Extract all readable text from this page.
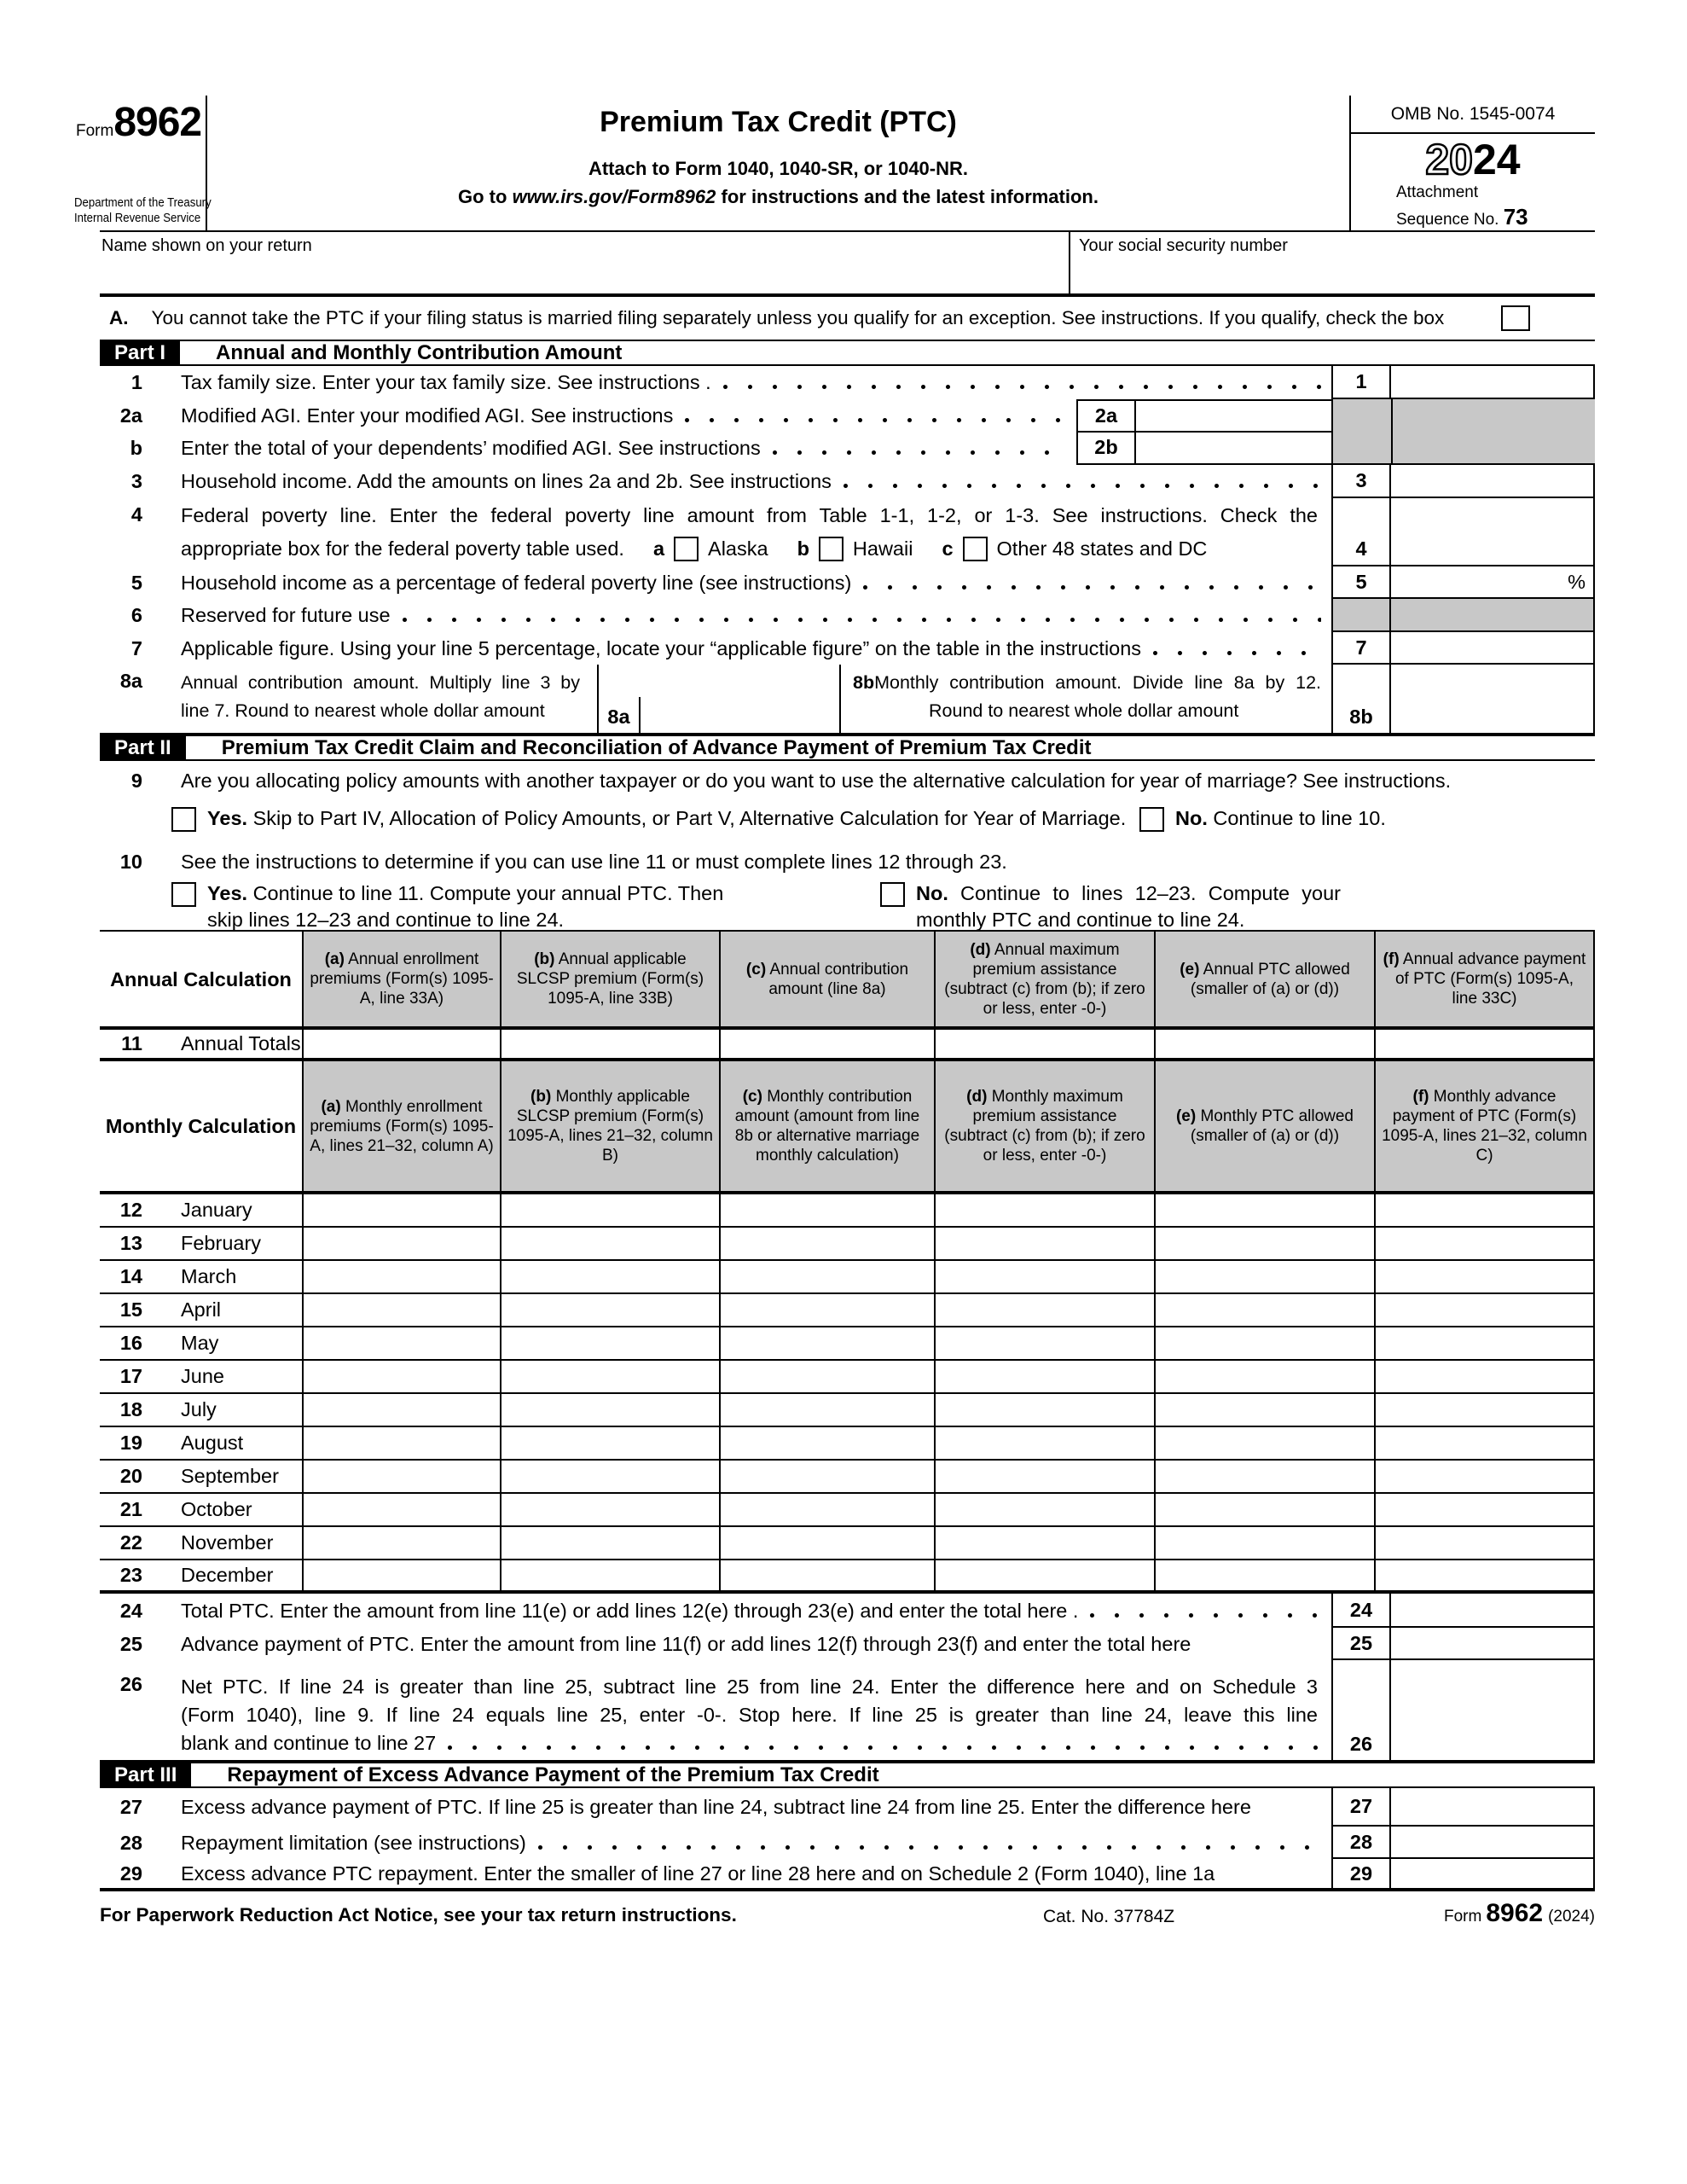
Form8962
Department of the Treasury
Internal Revenue Service
Premium Tax Credit (PTC)
Attach to Form 1040, 1040-SR, or 1040-NR.
Go to www.irs.gov/Form8962 for instructions and the latest information.
OMB No. 1545-0074
2024
Attachment
Sequence No. 73
Name shown on your return	Your social security number
A. You cannot take the PTC if your filing status is married filing separately unless you qualify for an exception. See instructions. If you qualify, check the box
Part I	Annual and Monthly Contribution Amount
1 Tax family size. Enter your tax family size. See instructions .	1
2a Modified AGI. Enter your modified AGI. See instructions	2a
b Enter the total of your dependents’ modified AGI. See instructions	2b
3 Household income. Add the amounts on lines 2a and 2b. See instructions	3
4 Federal poverty line. Enter the federal poverty line amount from Table 1-1, 1-2, or 1-3. See instructions. Check the
appropriate box for the federal poverty table used. a Alaska b Hawaii c Other 48 states and DC	4
5 Household income as a percentage of federal poverty line (see instructions)	5	%
6 Reserved for future use
7 Applicable figure. Using your line 5 percentage, locate your “applicable figure” on the table in the instructions	7
8a Annual contribution amount. Multiply line 3 by line 7. Round to nearest whole dollar amount	8a
8bMonthly contribution amount. Divide line 8a by 12. Round to nearest whole dollar amount	8b
Part II	Premium Tax Credit Claim and Reconciliation of Advance Payment of Premium Tax Credit
9 Are you allocating policy amounts with another taxpayer or do you want to use the alternative calculation for year of marriage? See instructions.
Yes. Skip to Part IV, Allocation of Policy Amounts, or Part V, Alternative Calculation for Year of Marriage. No. Continue to line 10.
10 See the instructions to determine if you can use line 11 or must complete lines 12 through 23.
Yes. Continue to line 11. Compute your annual PTC. Then skip lines 12–23 and continue to line 24.
No. Continue to lines 12–23. Compute your monthly PTC and continue to line 24.
Annual Calculation
(a) Annual enrollment premiums (Form(s) 1095-A, line 33A)
(b) Annual applicable SLCSP premium (Form(s) 1095-A, line 33B)
(c) Annual contribution amount (line 8a)
(d) Annual maximum premium assistance (subtract (c) from (b); if zero or less, enter -0-)
(e) Annual PTC allowed (smaller of (a) or (d))
(f) Annual advance payment of PTC (Form(s) 1095-A, line 33C)
11 Annual Totals
Monthly Calculation
(a) Monthly enrollment premiums (Form(s) 1095-A, lines 21–32, column A)
(b) Monthly applicable SLCSP premium (Form(s) 1095-A, lines 21–32, column B)
(c) Monthly contribution amount (amount from line 8b or alternative marriage monthly calculation)
(d) Monthly maximum premium assistance (subtract (c) from (b); if zero or less, enter -0-)
(e) Monthly PTC allowed (smaller of (a) or (d))
(f) Monthly advance payment of PTC (Form(s) 1095-A, lines 21–32, column C)
12 January
13 February
14 March
15 April
16 May
17 June
18 July
19 August
20 September
21 October
22 November
23 December
24 Total PTC. Enter the amount from line 11(e) or add lines 12(e) through 23(e) and enter the total here .	24
25 Advance payment of PTC. Enter the amount from line 11(f) or add lines 12(f) through 23(f) and enter the total here	25
26 Net PTC. If line 24 is greater than line 25, subtract line 25 from line 24. Enter the difference here and on Schedule 3
(Form 1040), line 9. If line 24 equals line 25, enter -0-. Stop here. If line 25 is greater than line 24, leave this line
blank and continue to line 27	26
Part III	Repayment of Excess Advance Payment of the Premium Tax Credit
27 Excess advance payment of PTC. If line 25 is greater than line 24, subtract line 24 from line 25. Enter the difference here	27
28 Repayment limitation (see instructions)	28
29 Excess advance PTC repayment. Enter the smaller of line 27 or line 28 here and on Schedule 2 (Form 1040), line 1a	29
For Paperwork Reduction Act Notice, see your tax return instructions.	Cat. No. 37784Z	Form 8962 (2024)
